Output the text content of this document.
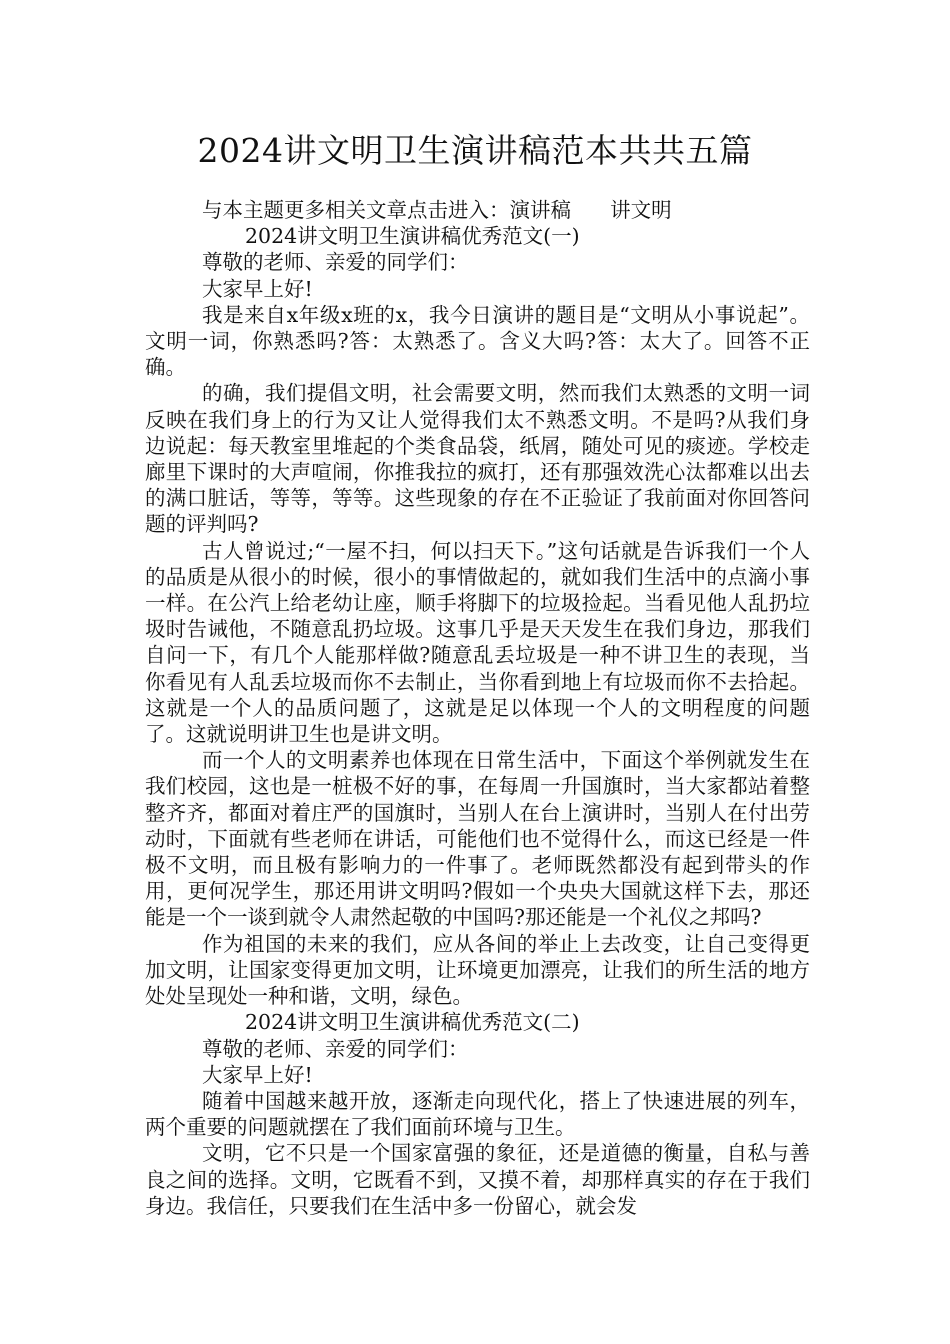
2024讲文明卫生演讲稿范本共共五篇

与本主题更多相关文章点击进入：演讲稿      讲文明

2024讲文明卫生演讲稿优秀范文(一)

尊敬的老师、亲爱的同学们：

大家早上好!

我是来自x年级x班的x，我今日演讲的题目是“文明从小事说起”。文明一词，你熟悉吗?答：太熟悉了。含义大吗?答：太大了。回答不正确。

的确，我们提倡文明，社会需要文明，然而我们太熟悉的文明一词反映在我们身上的行为又让人觉得我们太不熟悉文明。不是吗?从我们身边说起：每天教室里堆起的个类食品袋，纸屑，随处可见的痰迹。学校走廊里下课时的大声喧闹，你推我拉的疯打，还有那强效洗心汰都难以出去的满口脏话，等等，等等。这些现象的存在不正验证了我前面对你回答问题的评判吗?

古人曾说过;“一屋不扫，何以扫天下。”这句话就是告诉我们一个人的品质是从很小的时候，很小的事情做起的，就如我们生活中的点滴小事一样。在公汽上给老幼让座，顺手将脚下的垃圾捡起。当看见他人乱扔垃圾时告诫他，不随意乱扔垃圾。这事几乎是天天发生在我们身边，那我们自问一下，有几个人能那样做?随意乱丢垃圾是一种不讲卫生的表现，当你看见有人乱丢垃圾而你不去制止，当你看到地上有垃圾而你不去拾起。这就是一个人的品质问题了，这就是足以体现一个人的文明程度的问题了。这就说明讲卫生也是讲文明。

而一个人的文明素养也体现在日常生活中，下面这个举例就发生在我们校园，这也是一桩极不好的事，在每周一升国旗时，当大家都站着整整齐齐，都面对着庄严的国旗时，当别人在台上演讲时，当别人在付出劳动时，下面就有些老师在讲话，可能他们也不觉得什么，而这已经是一件极不文明，而且极有影响力的一件事了。老师既然都没有起到带头的作用，更何况学生，那还用讲文明吗?假如一个央央大国就这样下去，那还能是一个一谈到就令人肃然起敬的中国吗?那还能是一个礼仪之邦吗?

作为祖国的未来的我们，应从各间的举止上去改变，让自己变得更加文明，让国家变得更加文明，让环境更加漂亮，让我们的所生活的地方处处呈现处一种和谐，文明，绿色。

2024讲文明卫生演讲稿优秀范文(二)

尊敬的老师、亲爱的同学们：

大家早上好!

随着中国越来越开放，逐渐走向现代化，搭上了快速进展的列车，两个重要的问题就摆在了我们面前环境与卫生。

文明，它不只是一个国家富强的象征，还是道德的衡量，自私与善良之间的选择。文明，它既看不到，又摸不着，却那样真实的存在于我们身边。我信任，只要我们在生活中多一份留心，就会发
